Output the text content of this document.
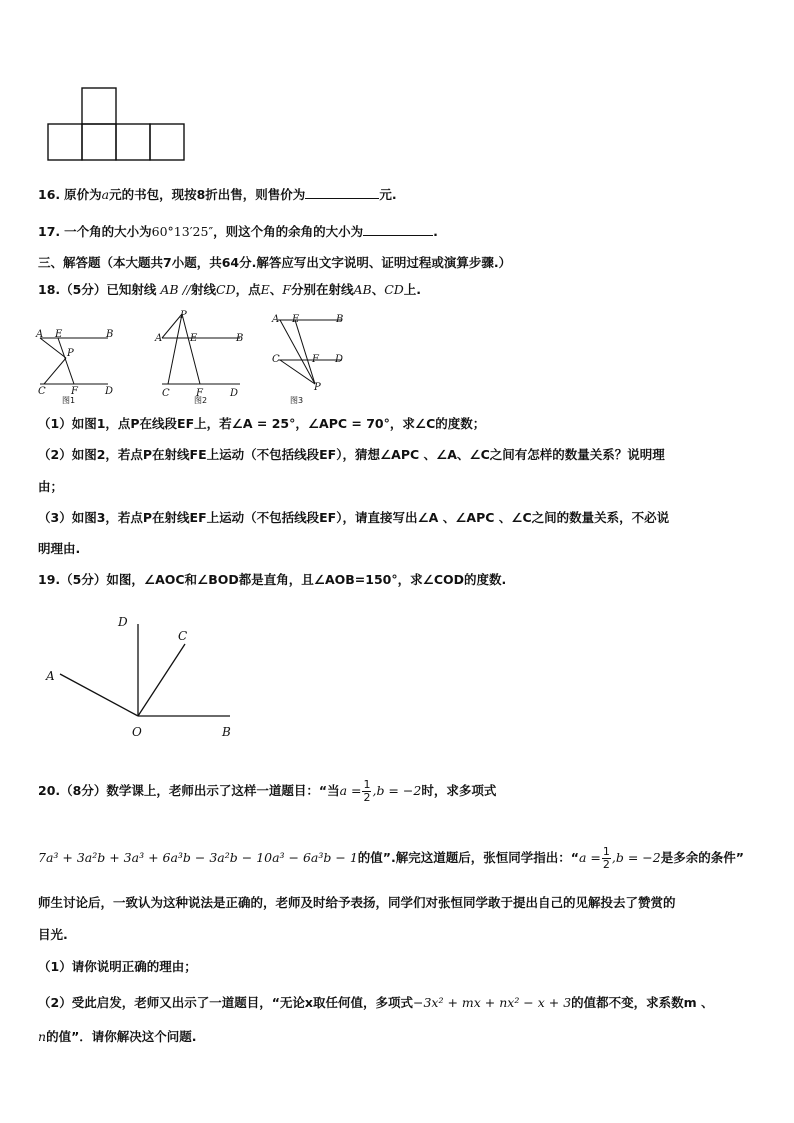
16. 原价为a元的书包，现按8折出售，则售价为	元.
17. 一个角的大小为60°13′25″，则这个角的余角的大小为	.
三、解答题（本大题共7小题，共64分.解答应写出文字说明、证明过程或演算步骤.）
18.（5分）已知射线 AB //射线CD，点E、F分别在射线AB、CD上.
A E	B
P
C	F	D
图1
P
A	E	B
C	F	D
图2
A E	B
C	F D
P
图3
（1）如图1，点P在线段EF上，若∠A = 25°，∠APC = 70°，求∠C的度数；
（2）如图2，若点P在射线FE上运动（不包括线段EF），猜想∠APC 、∠A、∠C之间有怎样的数量关系？说明理
由；
（3）如图3，若点P在射线EF上运动（不包括线段EF），请直接写出∠A 、∠APC 、∠C之间的数量关系，不必说
明理由.
19.（5分）如图，∠AOC和∠BOD都是直角，且∠AOB=150°，求∠COD的度数.
D
C
A
O	B
20.（8分）数学课上，老师出示了这样一道题目：“当$a = \frac{1}{2} ,b = -2$时，求多项式
7a³ + 3a²b + 3a³ + 6a³b − 3a²b − 10a³ − 6a³b − 1的值”.解完这道题后，张恒同学指出：“$a = \frac{1}{2} ,b = -2$是多余的条件”
师生讨论后，一致认为这种说法是正确的，老师及时给予表扬，同学们对张恒同学敢于提出自己的见解投去了赞赏的
目光.
（1）请你说明正确的理由；
（2）受此启发，老师又出示了一道题目，“无论x取任何值，多项式−3x² + mx + nx² − x + 3的值都不变，求系数m 、
n的值”．请你解决这个问题.
